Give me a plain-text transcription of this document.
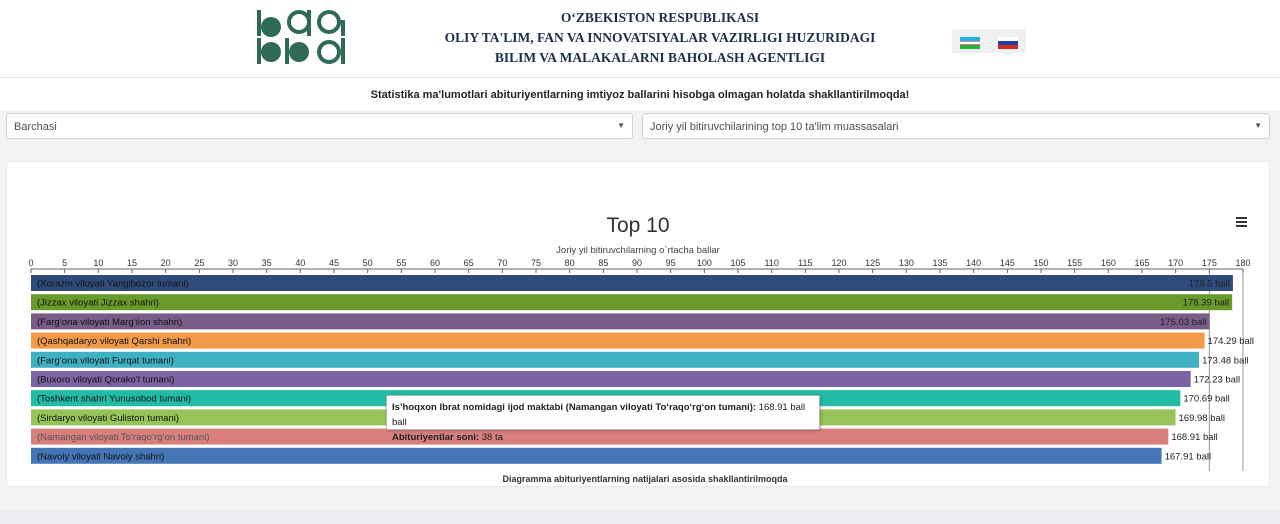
O‘ZBEKISTON RESPUBLIKASI
OLIY TA'LIM, FAN VA INNOVATSIYALAR VAZIRLIGI HUZURIDAGI
BILIM VA MALAKALARNI BAHOLASH AGENTLIGI
Statistika ma'lumotlari abituriyentlarning imtiyoz ballarini hisobga olmagan holatda shakllantirilmoqda!
Barchasi	▼	Joriy yil bitiruvchilarining top 10 ta'lim muassasalari	▼
Top 10
Joriy yil bitiruvchilarning o`rtacha ballar
0	5	10	15	20	25	30	35	40	45	50	55	60	65	70	75	80	85	90	95 100 105 110 115 120 125 130 135 140 145 150 155 160 165 170 175 180
(Xorazm viloyati Yangibozor tumani)	178.5 ball
(Jizzax viloyati Jizzax shahri)	178.39 ball
(Farg‘ona viloyati Marg‘ilon shahri)	175.03 ball
(Qashqadaryo viloyati Qarshi shahri)	174.29 ball
(Farg‘ona viloyati Furqat tumani)	173.48 ball
(Buxoro viloyati Qorako‘l tumani)	172.23 ball
(Toshkent shahri Yunusobod tumani)	170.69 ball
(Sirdaryo viloyati Guliston tumani)	169.98 ball
(Namangan viloyati To‘raqo‘rg‘on tumani)	168.91 ball
(Navoiy viloyati Navoiy shahri)	167.91 ball
Diagramma abituriyentlarning natijalari asosida shakllantirilmoqda
Is’hoqxon Ibrat nomidagi ijod maktabi (Namangan viloyati To‘raqo‘rg‘on tumani): 168.91 ball ball
Abituriyentlar soni: 38 ta
